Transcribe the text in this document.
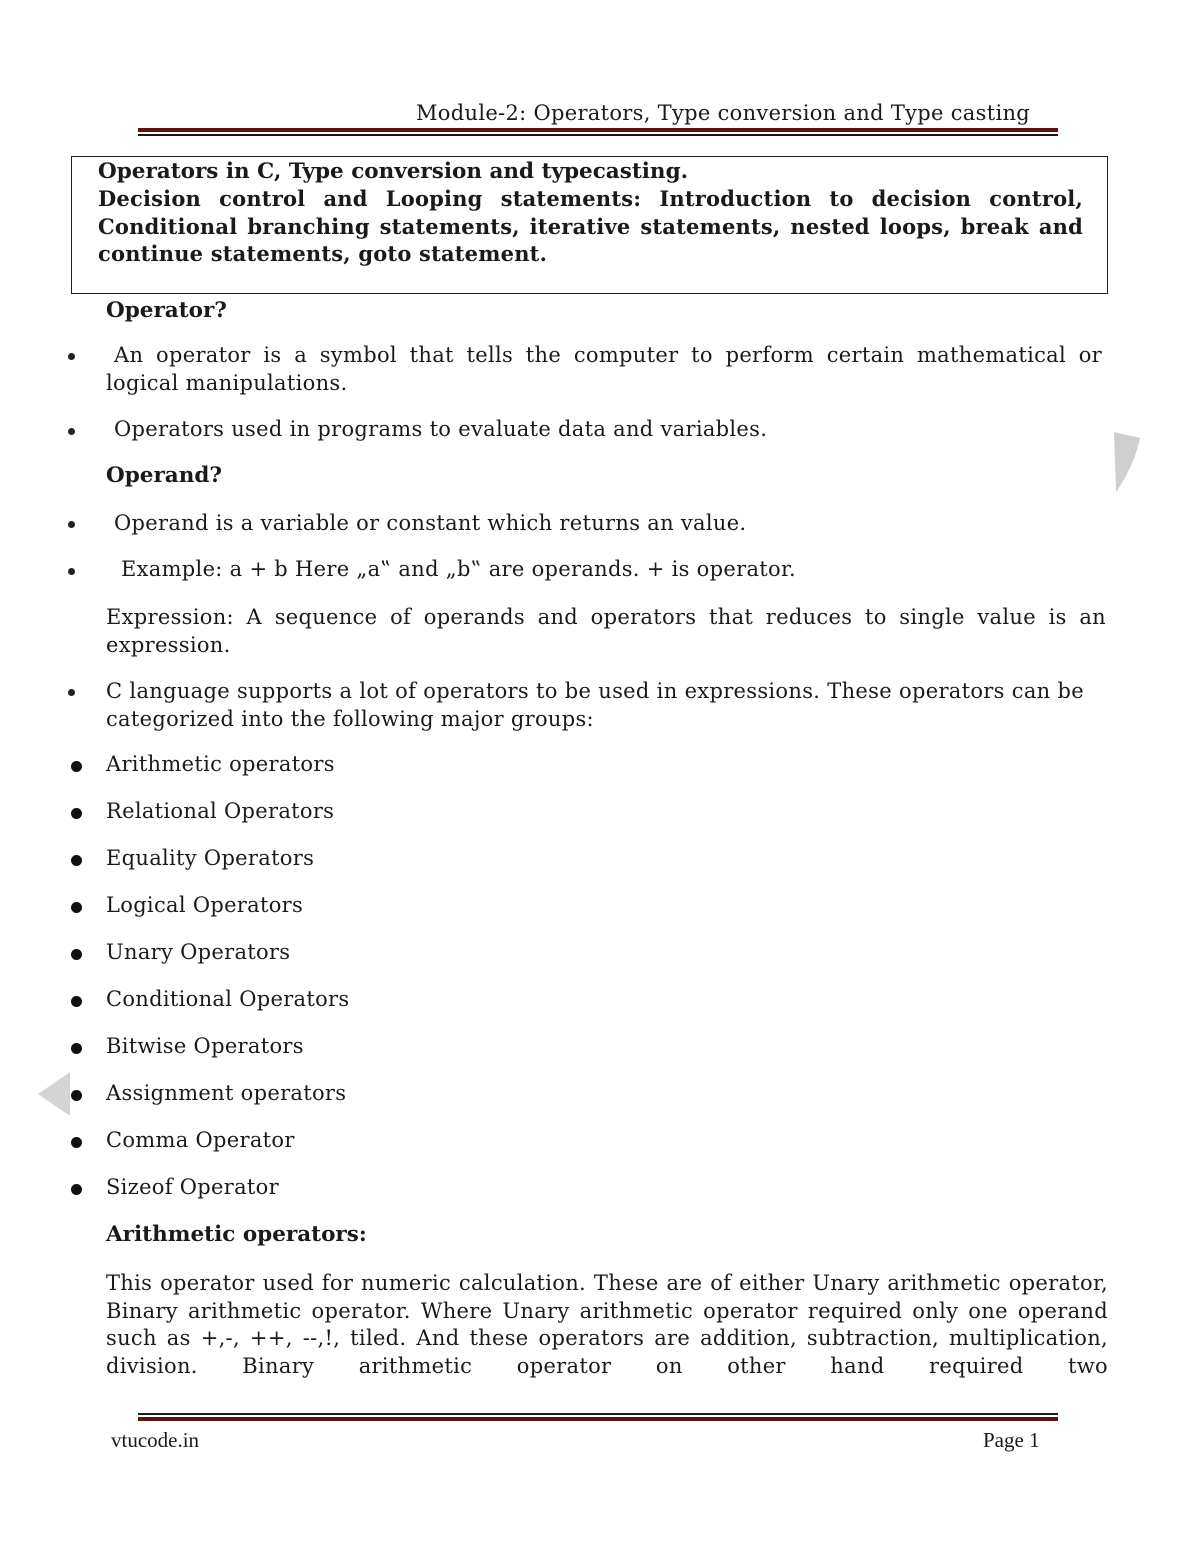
Module-2: Operators, Type conversion and Type casting
Operators in C, Type conversion and typecasting.
Decision control and Looping statements: Introduction to decision control, Conditional branching statements, iterative statements, nested loops, break and continue statements, goto statement.
Operator?
An operator is a symbol that tells the computer to perform certain mathematical or logical manipulations.
Operators used in programs to evaluate data and variables.
Operand?
Operand is a variable or constant which returns an value.
Example: a + b Here „a‟ and „b‟ are operands. + is operator.
Expression: A sequence of operands and operators that reduces to single value is an expression.
C language supports a lot of operators to be used in expressions. These operators can be categorized into the following major groups:
Arithmetic operators
Relational Operators
Equality Operators
Logical Operators
Unary Operators
Conditional Operators
Bitwise Operators
Assignment operators
Comma Operator
Sizeof Operator
Arithmetic operators:
This operator used for numeric calculation. These are of either Unary arithmetic operator, Binary arithmetic operator. Where Unary arithmetic operator required only one operand such as +,-, ++, --,!, tiled. And these operators are addition, subtraction, multiplication, division. Binary arithmetic operator on other hand required two
vtucode.in	Page 1
